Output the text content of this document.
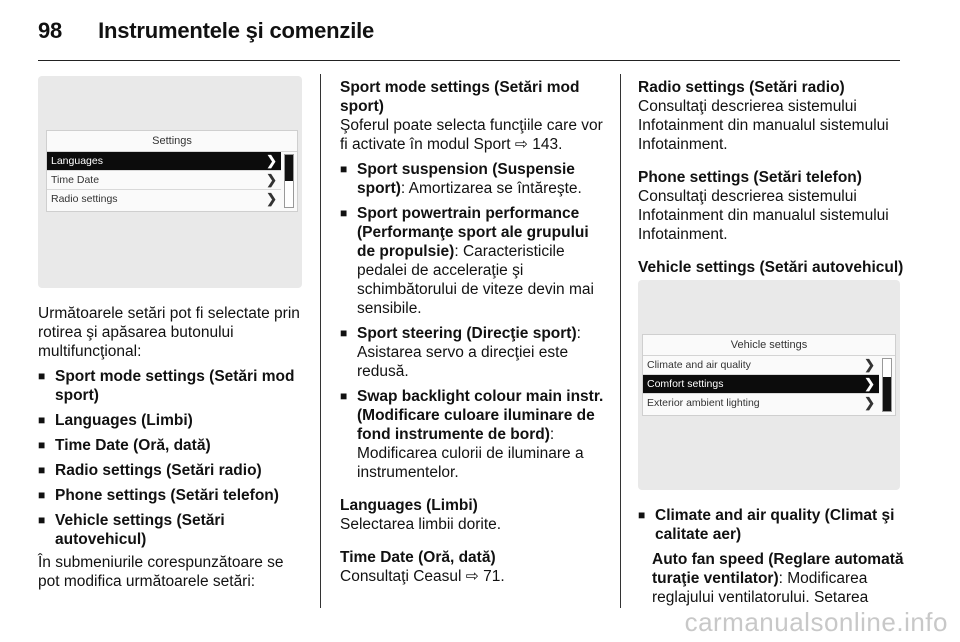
98 Instrumentele şi comenzile
Settings
Languages	❯
Time Date	❯
Radio settings	❯

Următoarele setări pot fi selectate prin rotirea şi apăsarea butonului multifuncţional:

■ Sport mode settings (Setări mod sport)
■ Languages (Limbi)
■ Time Date (Oră, dată)
■ Radio settings (Setări radio)
■ Phone settings (Setări telefon)
■ Vehicle settings (Setări autovehicul)

În submeniurile corespunzătoare se pot modifica următoarele setări:

Sport mode settings (Setări mod sport)

Şoferul poate selecta funcţiile care vor fi activate în modul Sport ⇨ 143.

■ Sport suspension (Suspensie sport): Amortizarea se întăreşte.
■ Sport powertrain performance (Performanţe sport ale grupului de propulsie): Caracteristicile pedalei de acceleraţie şi schimbătorului de viteze devin mai sensibile.
■ Sport steering (Direcţie sport): Asistarea servo a direcţiei este redusă.
■ Swap backlight colour main instr. (Modificare culoare iluminare de fond instrumente de bord): Modificarea culorii de iluminare a instrumentelor.

Languages (Limbi)

Selectarea limbii dorite.

Time Date (Oră, dată)

Consultaţi Ceasul ⇨ 71.

Radio settings (Setări radio)

Consultaţi descrierea sistemului Infotainment din manualul sistemului Infotainment.

Phone settings (Setări telefon)

Consultaţi descrierea sistemului Infotainment din manualul sistemului Infotainment.

Vehicle settings (Setări autovehicul)

Vehicle settings
Climate and air quality	❯
Comfort settings	❯
Exterior ambient lighting	❯
■ Climate and air quality (Climat şi calitate aer)

Auto fan speed (Reglare automată turaţie ventilator): Modificarea reglajului ventilatorului. Setarea

carmanualsonline.info
